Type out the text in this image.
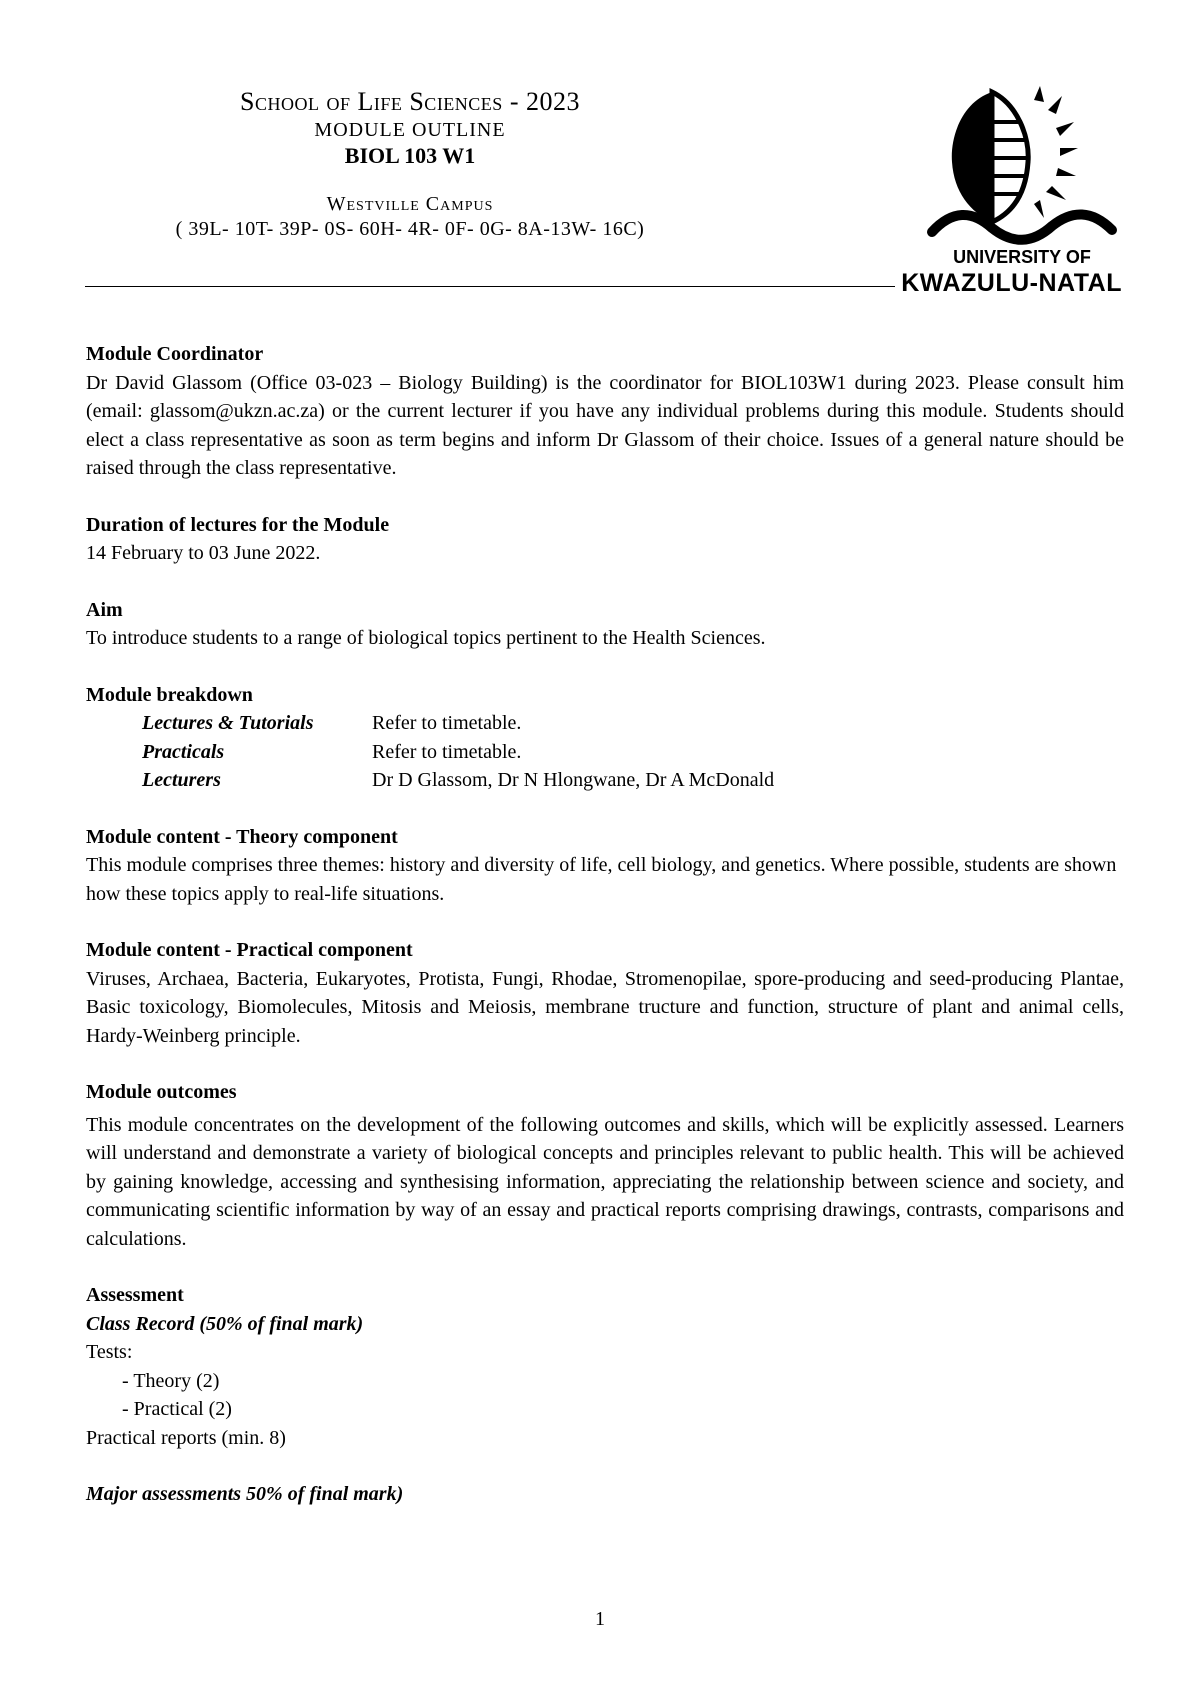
School of Life Sciences - 2023
MODULE OUTLINE
BIOL 103 W1
Westville Campus
( 39L- 10T- 39P- 0S- 60H- 4R- 0F- 0G- 8A-13W- 16C)
UNIVERSITY OF
KWAZULU-NATAL
Module Coordinator

Dr David Glassom (Office 03-023 – Biology Building) is the coordinator for BIOL103W1 during 2023. Please consult him (email: glassom@ukzn.ac.za) or the current lecturer if you have any individual problems during this module. Students should elect a class representative as soon as term begins and inform Dr Glassom of their choice. Issues of a general nature should be raised through the class representative.

Duration of lectures for the Module

14 February to 03 June 2022.

Aim

To introduce students to a range of biological topics pertinent to the Health Sciences.

Module breakdown
Lectures & Tutorials	Refer to timetable.
Practicals	Refer to timetable.
Lecturers	Dr D Glassom, Dr N Hlongwane, Dr A McDonald
Module content - Theory component

This module comprises three themes: history and diversity of life, cell biology, and genetics. Where possible, students are shown how these topics apply to real-life situations.

Module content - Practical component

Viruses, Archaea, Bacteria, Eukaryotes, Protista, Fungi, Rhodae, Stromenopilae, spore-producing and seed-producing Plantae, Basic toxicology, Biomolecules, Mitosis and Meiosis, membrane tructure and function, structure of plant and animal cells, Hardy-Weinberg principle.

Module outcomes

This module concentrates on the development of the following outcomes and skills, which will be explicitly assessed. Learners will understand and demonstrate a variety of biological concepts and principles relevant to public health. This will be achieved by gaining knowledge, accessing and synthesising information, appreciating the relationship between science and society, and communicating scientific information by way of an essay and practical reports comprising drawings, contrasts, comparisons and calculations.

Assessment

Class Record (50% of final mark)

Tests:

- Theory (2)
- Practical (2)

Practical reports (min. 8)

Major assessments 50% of final mark)

1
